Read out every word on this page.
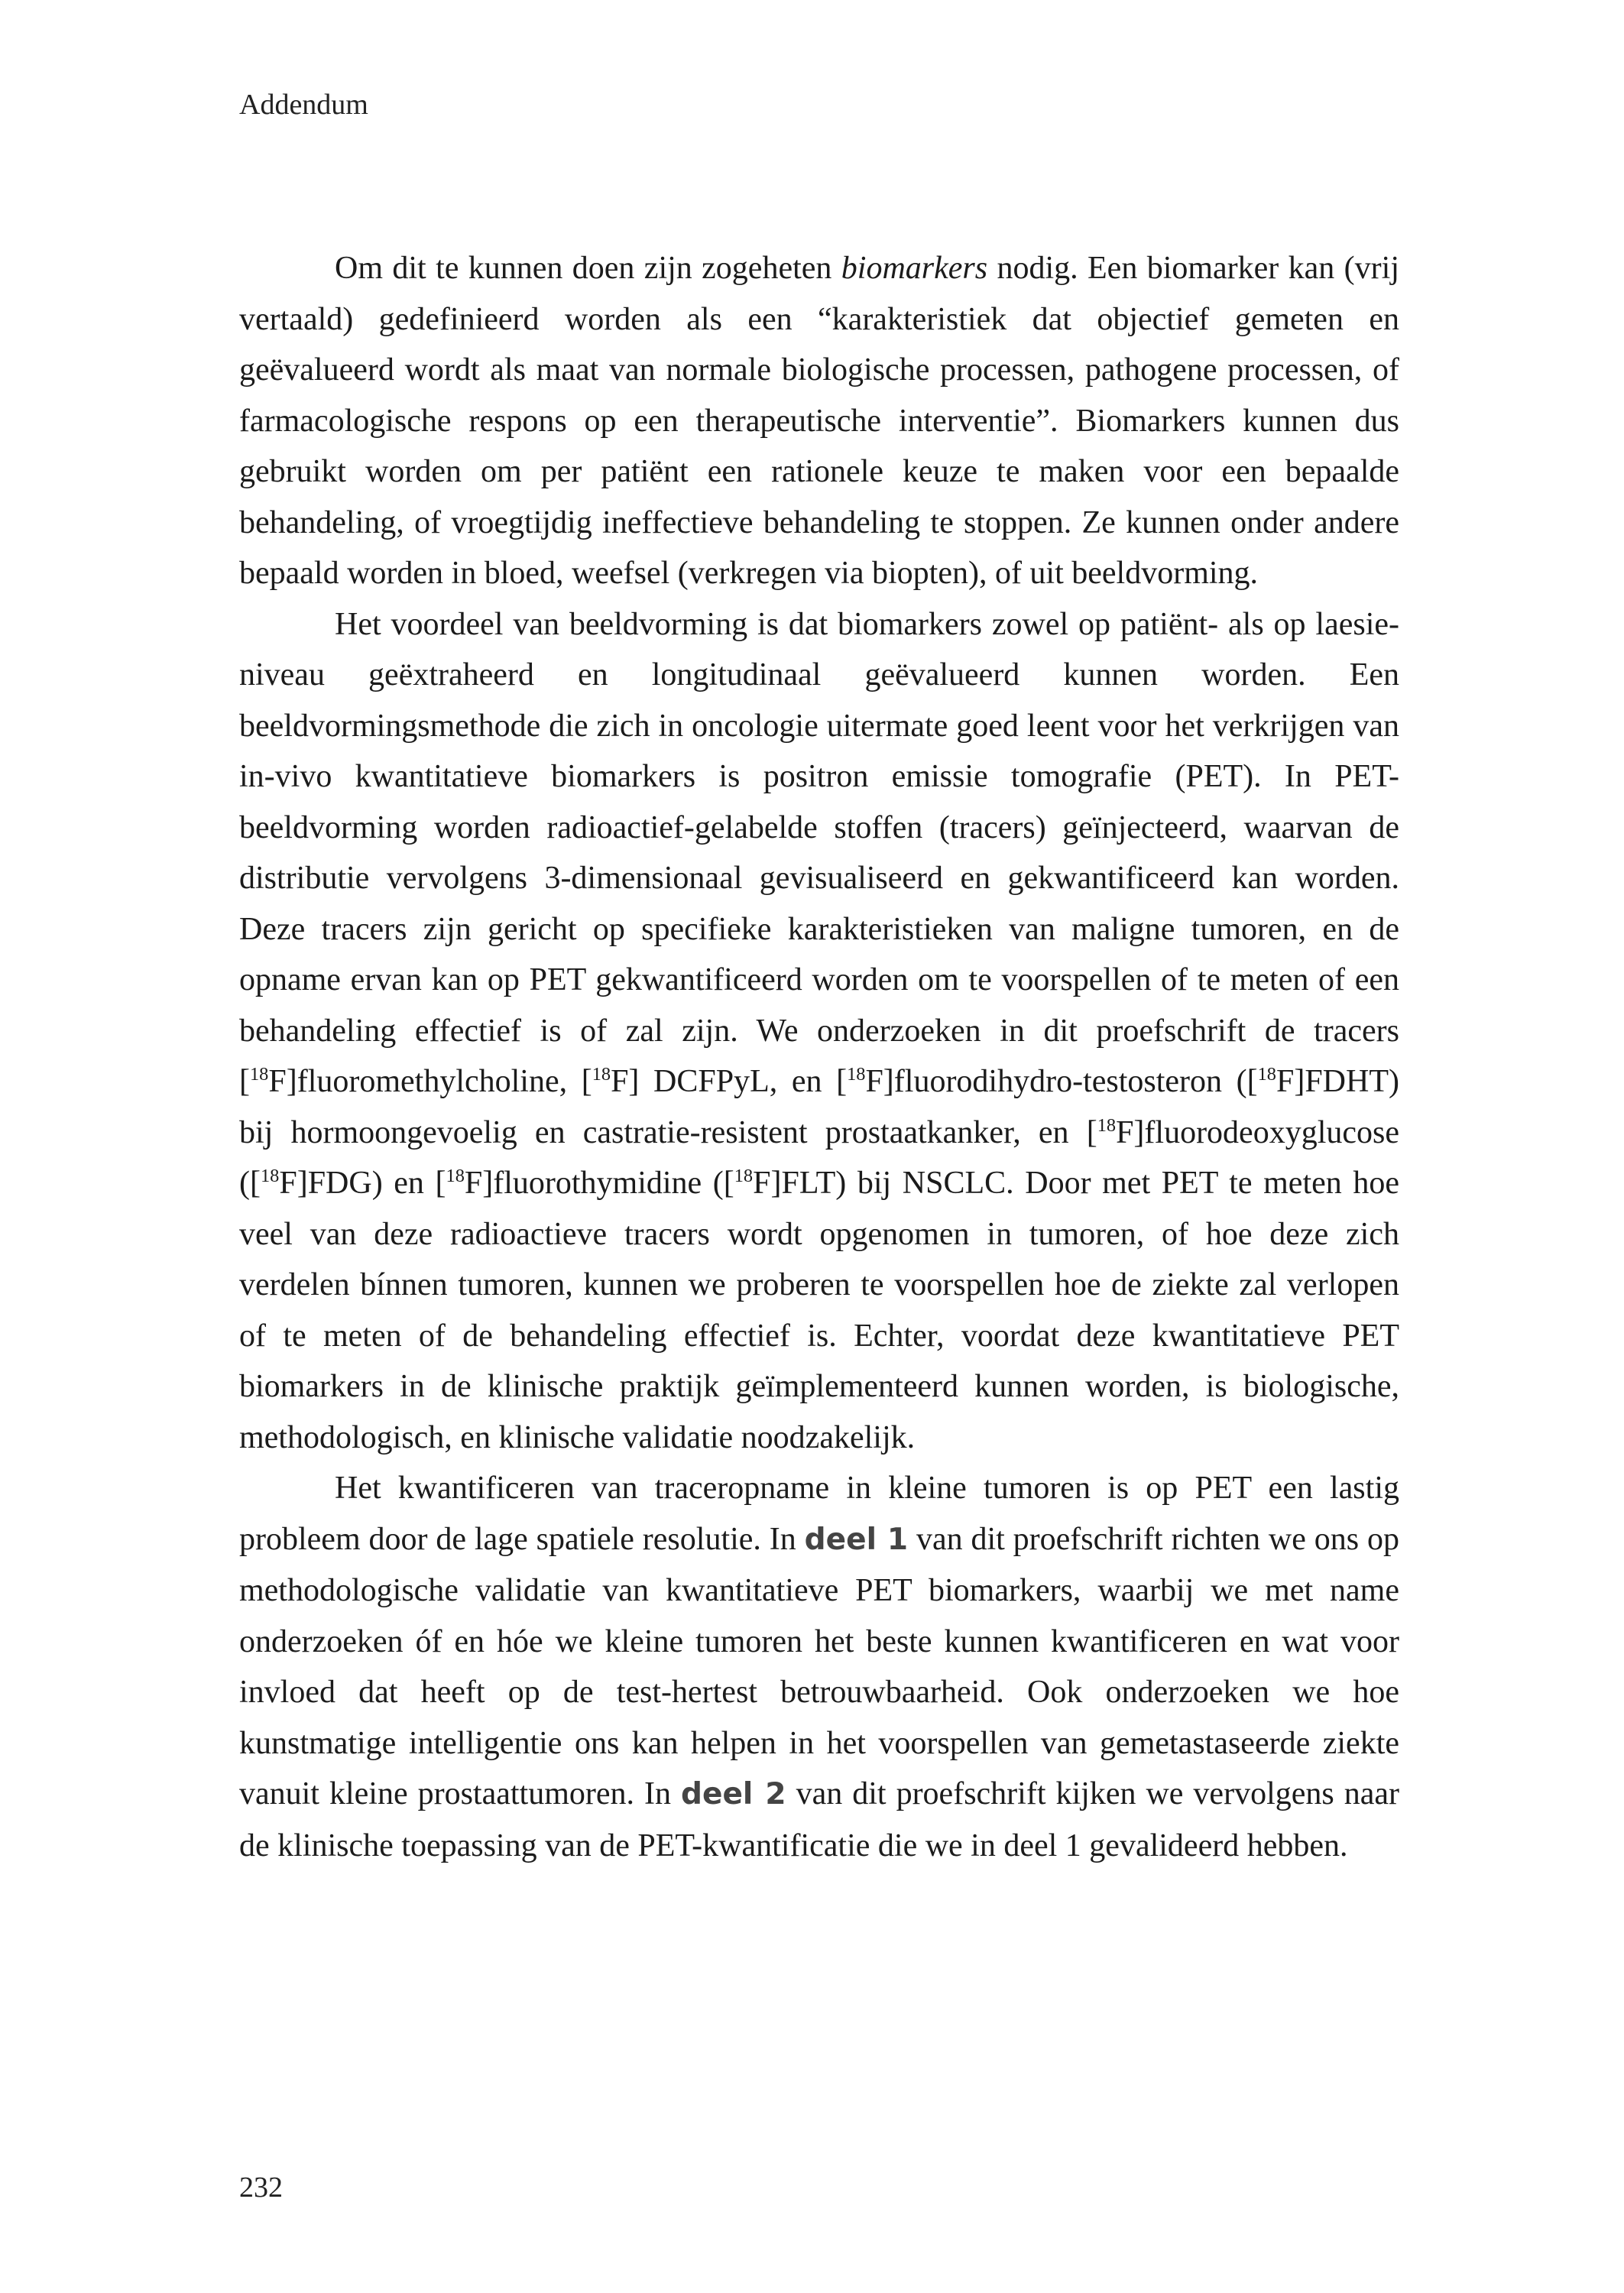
Addendum

Om dit te kunnen doen zijn zogeheten biomarkers nodig. Een biomarker kan (vrij vertaald) gedefinieerd worden als een “karakteristiek dat objectief gemeten en geëvalueerd wordt als maat van normale biologische processen, pathogene processen, of farmacologische respons op een therapeutische interventie”. Biomarkers kunnen dus gebruikt worden om per patiënt een rationele keuze te maken voor een bepaalde behandeling, of vroegtijdig ineffectieve behandeling te stoppen. Ze kunnen onder andere bepaald worden in bloed, weefsel (verkregen via biopten), of uit beeldvorming.

Het voordeel van beeldvorming is dat biomarkers zowel op patiënt- als op laesie-niveau geëxtraheerd en longitudinaal geëvalueerd kunnen worden. Een beeldvormingsmethode die zich in oncologie uitermate goed leent voor het verkrijgen van in-vivo kwantitatieve biomarkers is positron emissie tomografie (PET). In PET-beeldvorming worden radioactief-gelabelde stoffen (tracers) geïnjecteerd, waarvan de distributie vervolgens 3-dimensionaal gevisualiseerd en gekwantificeerd kan worden. Deze tracers zijn gericht op specifieke karakteristieken van maligne tumoren, en de opname ervan kan op PET gekwantificeerd worden om te voorspellen of te meten of een behandeling effectief is of zal zijn. We onderzoeken in dit proefschrift de tracers [$^{18}$F]fluoromethylcholine, [$^{18}$F] DCFPyL, en [$^{18}$F]fluorodihydro-testosteron ([$^{18}$F]FDHT) bij hormoongevoelig en castratie-resistent prostaatkanker, en [$^{18}$F]fluorodeoxyglucose ([$^{18}$F]FDG) en [$^{18}$F]fluorothymidine ([$^{18}$F]FLT) bij NSCLC. Door met PET te meten hoe veel van deze radioactieve tracers wordt opgenomen in tumoren, of hoe deze zich verdelen bínnen tumoren, kunnen we proberen te voorspellen hoe de ziekte zal verlopen of te meten of de behandeling effectief is. Echter, voordat deze kwantitatieve PET biomarkers in de klinische praktijk geïmplementeerd kunnen worden, is biologische, methodologisch, en klinische validatie noodzakelijk.

Het kwantificeren van traceropname in kleine tumoren is op PET een lastig probleem door de lage spatiele resolutie. In deel 1 van dit proefschrift richten we ons op methodologische validatie van kwantitatieve PET biomarkers, waarbij we met name onderzoeken óf en hóe we kleine tumoren het beste kunnen kwantificeren en wat voor invloed dat heeft op de test-hertest betrouwbaarheid. Ook onderzoeken we hoe kunstmatige intelligentie ons kan helpen in het voorspellen van gemetastaseerde ziekte vanuit kleine prostaattumoren. In deel 2 van dit proefschrift kijken we vervolgens naar de klinische toepassing van de PET-kwantificatie die we in deel 1 gevalideerd hebben.

232
